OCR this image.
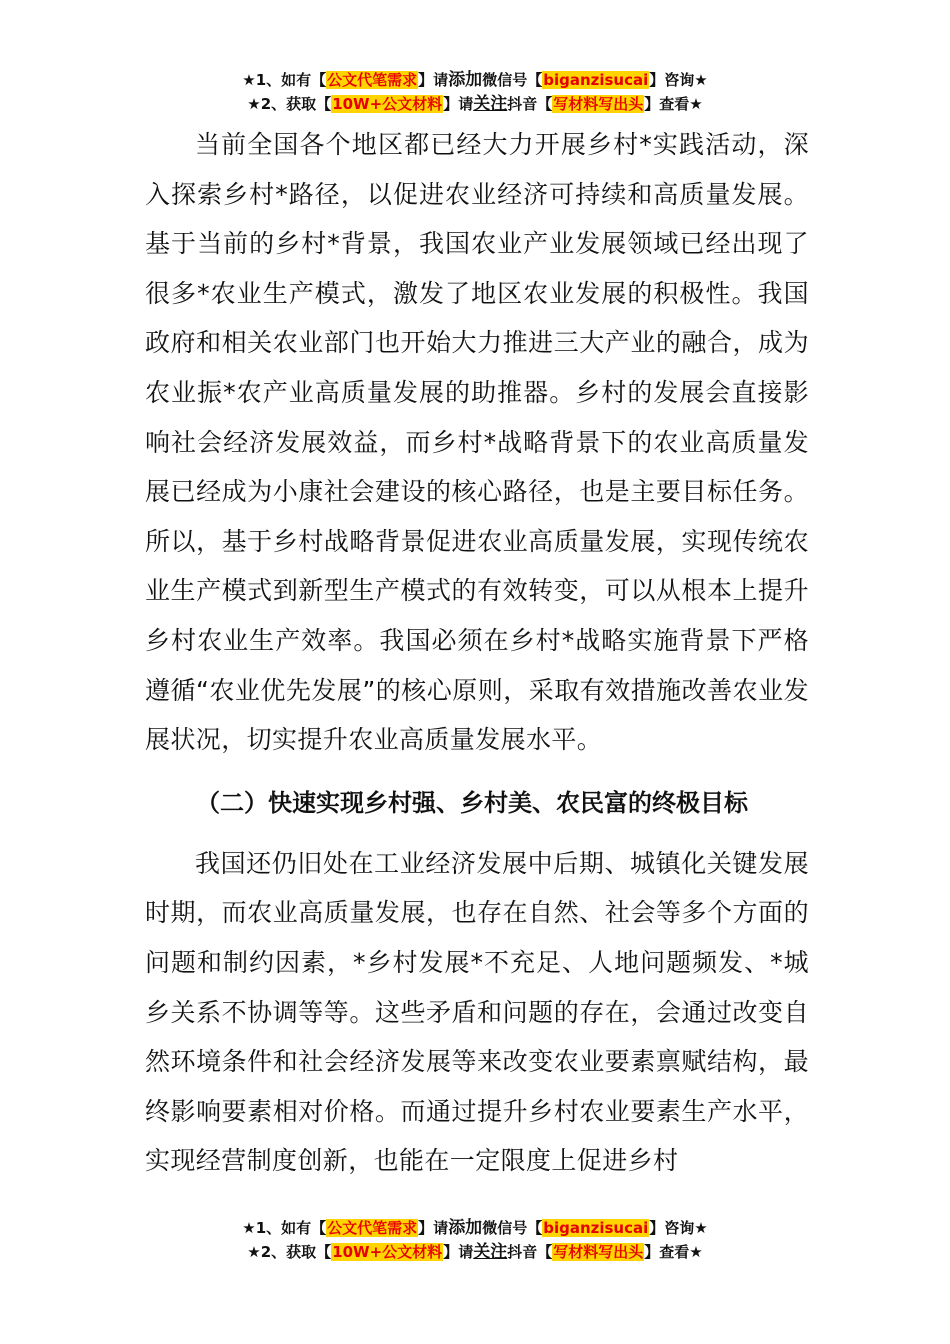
★1、如有【公文代笔需求】请添加微信号【biganzisucai】咨询★
★2、获取【10W+公文材料】请关注抖音【写材料写出头】查看★

当前全国各个地区都已经大力开展乡村*实践活动，深入探索乡村*路径，以促进农业经济可持续和高质量发展。基于当前的乡村*背景，我国农业产业发展领域已经出现了很多*农业生产模式，激发了地区农业发展的积极性。我国政府和相关农业部门也开始大力推进三大产业的融合，成为农业振*农产业高质量发展的助推器。乡村的发展会直接影响社会经济发展效益，而乡村*战略背景下的农业高质量发展已经成为小康社会建设的核心路径，也是主要目标任务。所以，基于乡村战略背景促进农业高质量发展，实现传统农业生产模式到新型生产模式的有效转变，可以从根本上提升乡村农业生产效率。我国必须在乡村*战略实施背景下严格遵循“农业优先发展”的核心原则，采取有效措施改善农业发展状况，切实提升农业高质量发展水平。

（二）快速实现乡村强、乡村美、农民富的终极目标

我国还仍旧处在工业经济发展中后期、城镇化关键发展时期，而农业高质量发展，也存在自然、社会等多个方面的问题和制约因素，*乡村发展*不充足、人地问题频发、*城乡关系不协调等等。这些矛盾和问题的存在，会通过改变自然环境条件和社会经济发展等来改变农业要素禀赋结构，最终影响要素相对价格。而通过提升乡村农业要素生产水平，实现经营制度创新，也能在一定限度上促进乡村

★1、如有【公文代笔需求】请添加微信号【biganzisucai】咨询★
★2、获取【10W+公文材料】请关注抖音【写材料写出头】查看★
